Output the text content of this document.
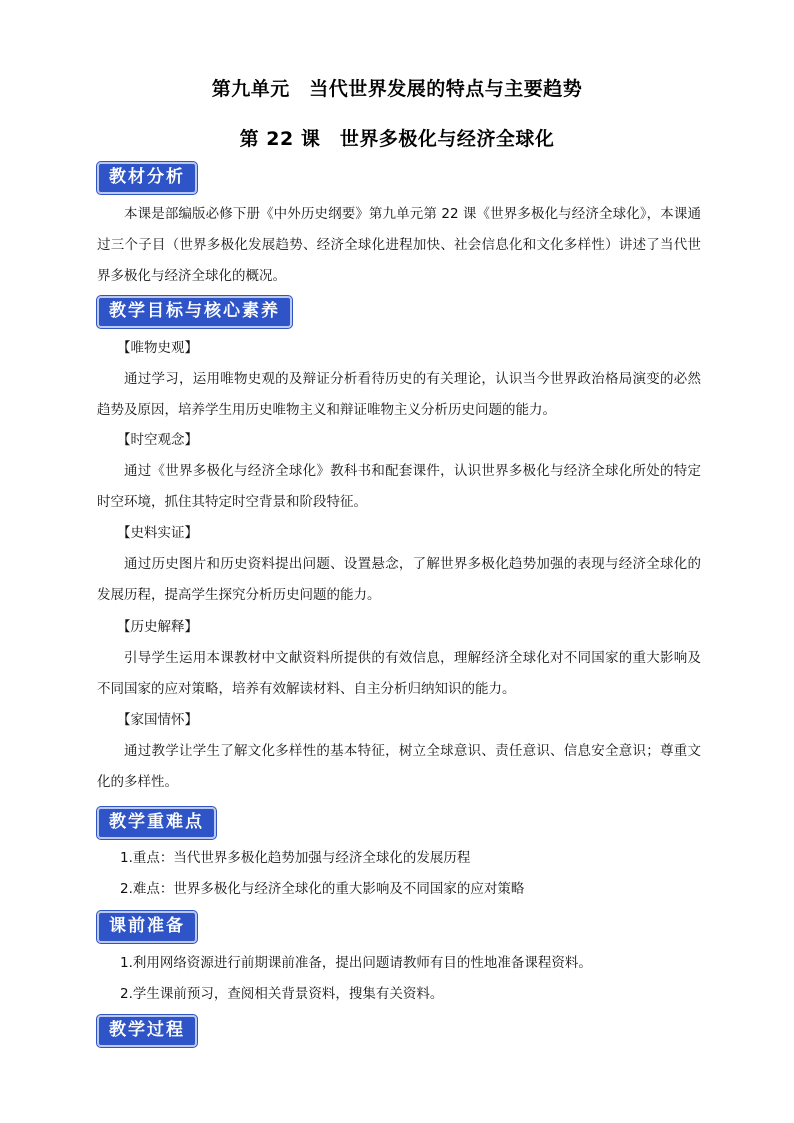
第九单元　当代世界发展的特点与主要趋势
第 22 课　世界多极化与经济全球化
教材分析

本课是部编版必修下册《中外历史纲要》第九单元第 22 课《世界多极化与经济全球化》，本课通过三个子目（世界多极化发展趋势、经济全球化进程加快、社会信息化和文化多样性）讲述了当代世界多极化与经济全球化的概况。

教学目标与核心素养
【唯物史观】

通过学习，运用唯物史观的及辩证分析看待历史的有关理论，认识当今世界政治格局演变的必然趋势及原因，培养学生用历史唯物主义和辩证唯物主义分析历史问题的能力。

【时空观念】

通过《世界多极化与经济全球化》教科书和配套课件，认识世界多极化与经济全球化所处的特定时空环境，抓住其特定时空背景和阶段特征。

【史料实证】

通过历史图片和历史资料提出问题、设置悬念，了解世界多极化趋势加强的表现与经济全球化的发展历程，提高学生探究分析历史问题的能力。

【历史解释】

引导学生运用本课教材中文献资料所提供的有效信息，理解经济全球化对不同国家的重大影响及不同国家的应对策略，培养有效解读材料、自主分析归纳知识的能力。

【家国情怀】

通过教学让学生了解文化多样性的基本特征，树立全球意识、责任意识、信息安全意识；尊重文化的多样性。

教学重难点
1.重点：当代世界多极化趋势加强与经济全球化的发展历程
2.难点：世界多极化与经济全球化的重大影响及不同国家的应对策略
课前准备
1.利用网络资源进行前期课前准备，提出问题请教师有目的性地准备课程资料。
2.学生课前预习，查阅相关背景资料，搜集有关资料。
教学过程
